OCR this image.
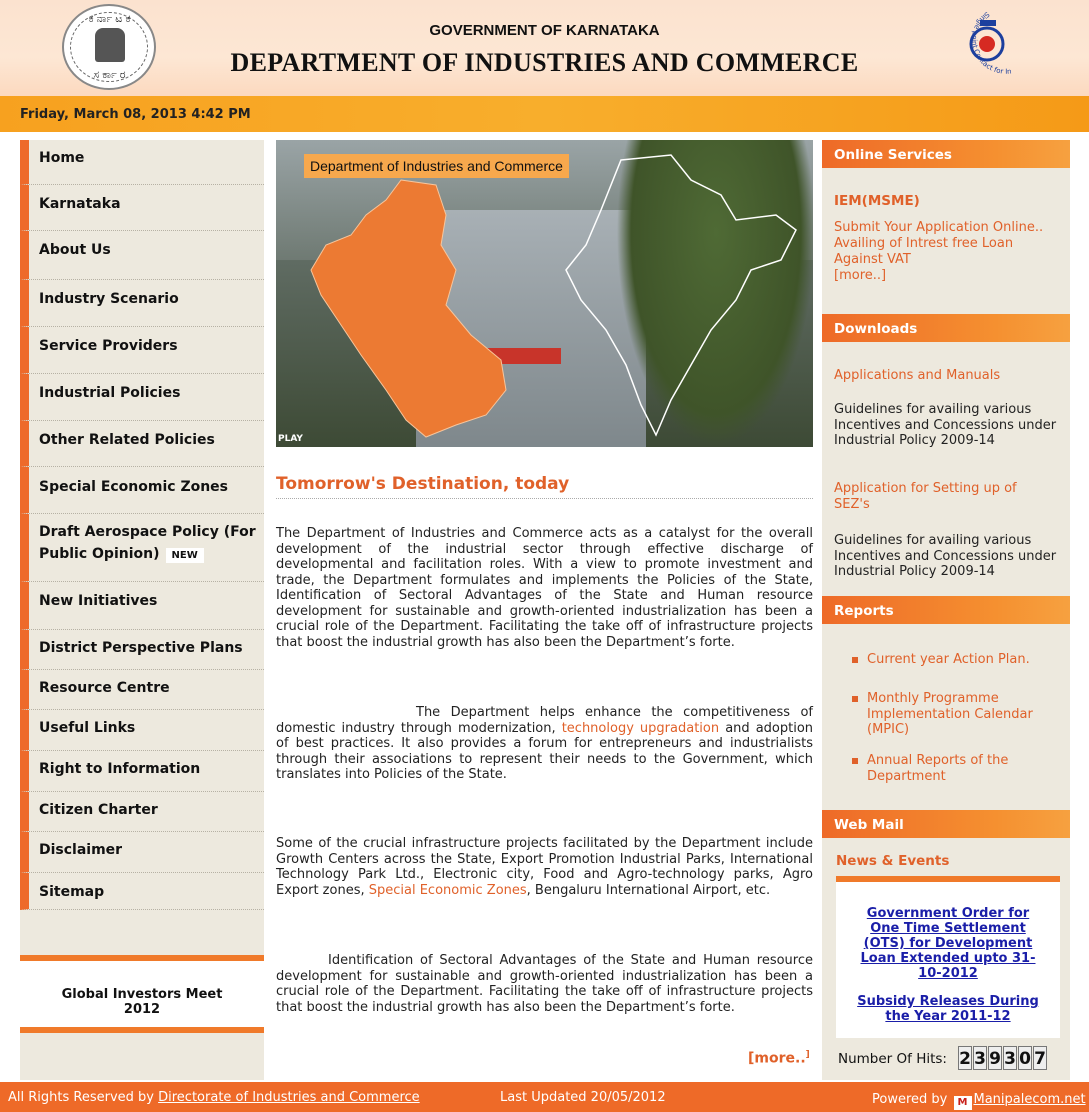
ಕರ್ನಾಟಕ
ಸರ್ಕಾರ
GOVERNMENT OF KARNATAKA
DEPARTMENT OF INDUSTRIES AND COMMERCE
Single point Contact for Investor
Friday, March 08, 2013 4:42 PM
Home
Karnataka
About Us
Industry Scenario
Service Providers
Industrial Policies
Other Related Policies
Special Economic Zones
Draft Aerospace Policy (For
Public Opinion) NEW
New Initiatives
District Perspective Plans
Resource Centre
Useful Links
Right to Information
Citizen Charter
Disclaimer
Sitemap
Global Investors Meet
2012
Department of Industries and Commerce
PLAY
Tomorrow's Destination, today
The Department of Industries and Commerce acts as a catalyst for the overall development of the industrial sector through effective discharge of developmental and facilitation roles. With a view to promote investment and trade, the Department formulates and implements the Policies of the State, Identification of Sectoral Advantages of the State and Human resource development for sustainable and growth-oriented industrialization has been a crucial role of the Department. Facilitating the take off of infrastructure projects that boost the industrial growth has also been the Department’s forte.
The Department helps enhance the competitiveness of domestic industry through modernization, technology upgradation and adoption of best practices. It also provides a forum for entrepreneurs and industrialists through their associations to represent their needs to the Government, which translates into Policies of the State.
Some of the crucial infrastructure projects facilitated by the Department include Growth Centers across the State, Export Promotion Industrial Parks, International Technology Park Ltd., Electronic city, Food and Agro-technology parks, Agro Export zones, Special Economic Zones, Bengaluru International Airport, etc.
Identification of Sectoral Advantages of the State and Human resource development for sustainable and growth-oriented industrialization has been a crucial role of the Department. Facilitating the take off of infrastructure projects that boost the industrial growth has also been the Department’s forte.
[more..]
Online Services
IEM(MSME)
Submit Your Application Online..
Availing of Intrest free Loan Against VAT
[more..]
Downloads
Applications and Manuals
Guidelines for availing various Incentives and Concessions under Industrial Policy 2009-14
Application for Setting up of SEZ's
Guidelines for availing various Incentives and Concessions under Industrial Policy 2009-14
Reports
Current year Action Plan.
Monthly Programme Implementation Calendar (MPIC)
Annual Reports of the Department
Web Mail
News & Events
Government Order for One Time Settlement (OTS) for Development Loan Extended upto 31-10-2012
Subsidy Releases During the Year 2011-12
Number Of Hits: 2 3 9 3 0 7
All Rights Reserved by Directorate of Industries and Commerce	Last Updated 20/05/2012	Powered by M Manipalecom.net
